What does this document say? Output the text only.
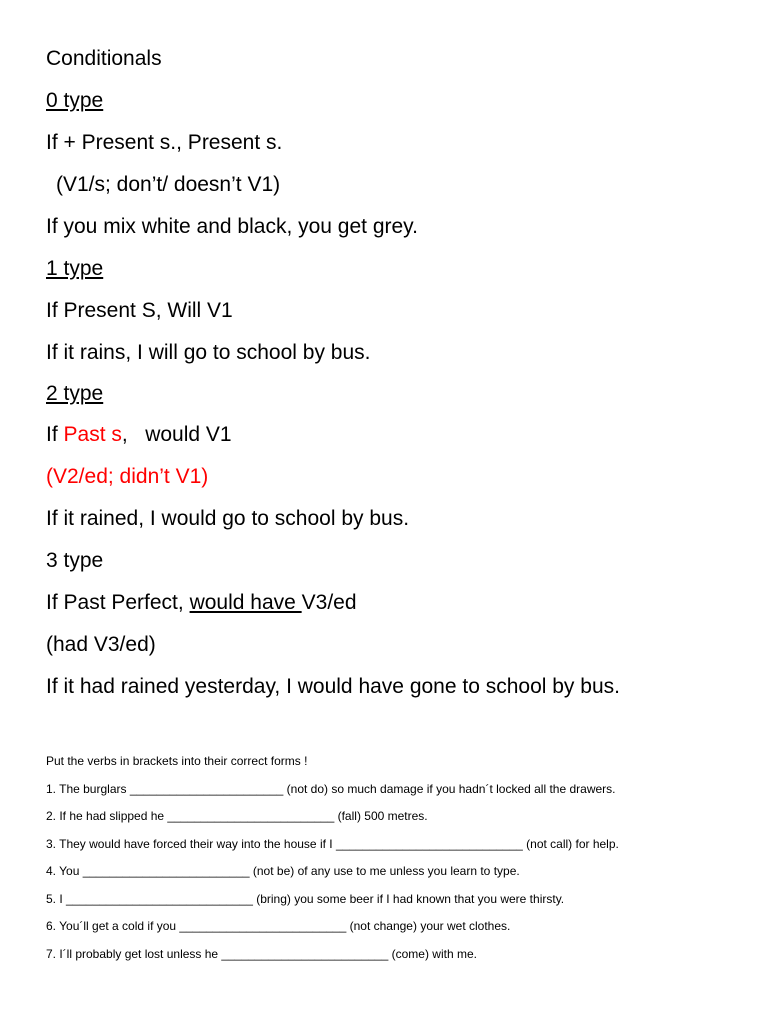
Conditionals
0 type
If + Present s., Present s.
(V1/s; don’t/ doesn’t V1)
If you mix white and black, you get grey.
1 type
If Present S, Will V1
If it rains, I will go to school by bus.
2 type
If Past s,   would V1
(V2/ed; didn’t V1)
If it rained, I would go to school by bus.
3 type
If Past Perfect, would have V3/ed
(had V3/ed)
If it had rained yesterday, I would have gone to school by bus.
Put the verbs in brackets into their correct forms !
1. The burglars _______________________ (not do) so much damage if you hadn´t locked all the drawers.
2. If he had slipped he _________________________ (fall) 500 metres.
3. They would have forced their way into the house if I ____________________________ (not call) for help.
4. You _________________________ (not be) of any use to me unless you learn to type.
5. I ____________________________ (bring) you some beer if I had known that you were thirsty.
6. You´ll get a cold if you _________________________ (not change) your wet clothes.
7. I´ll probably get lost unless he _________________________ (come) with me.
